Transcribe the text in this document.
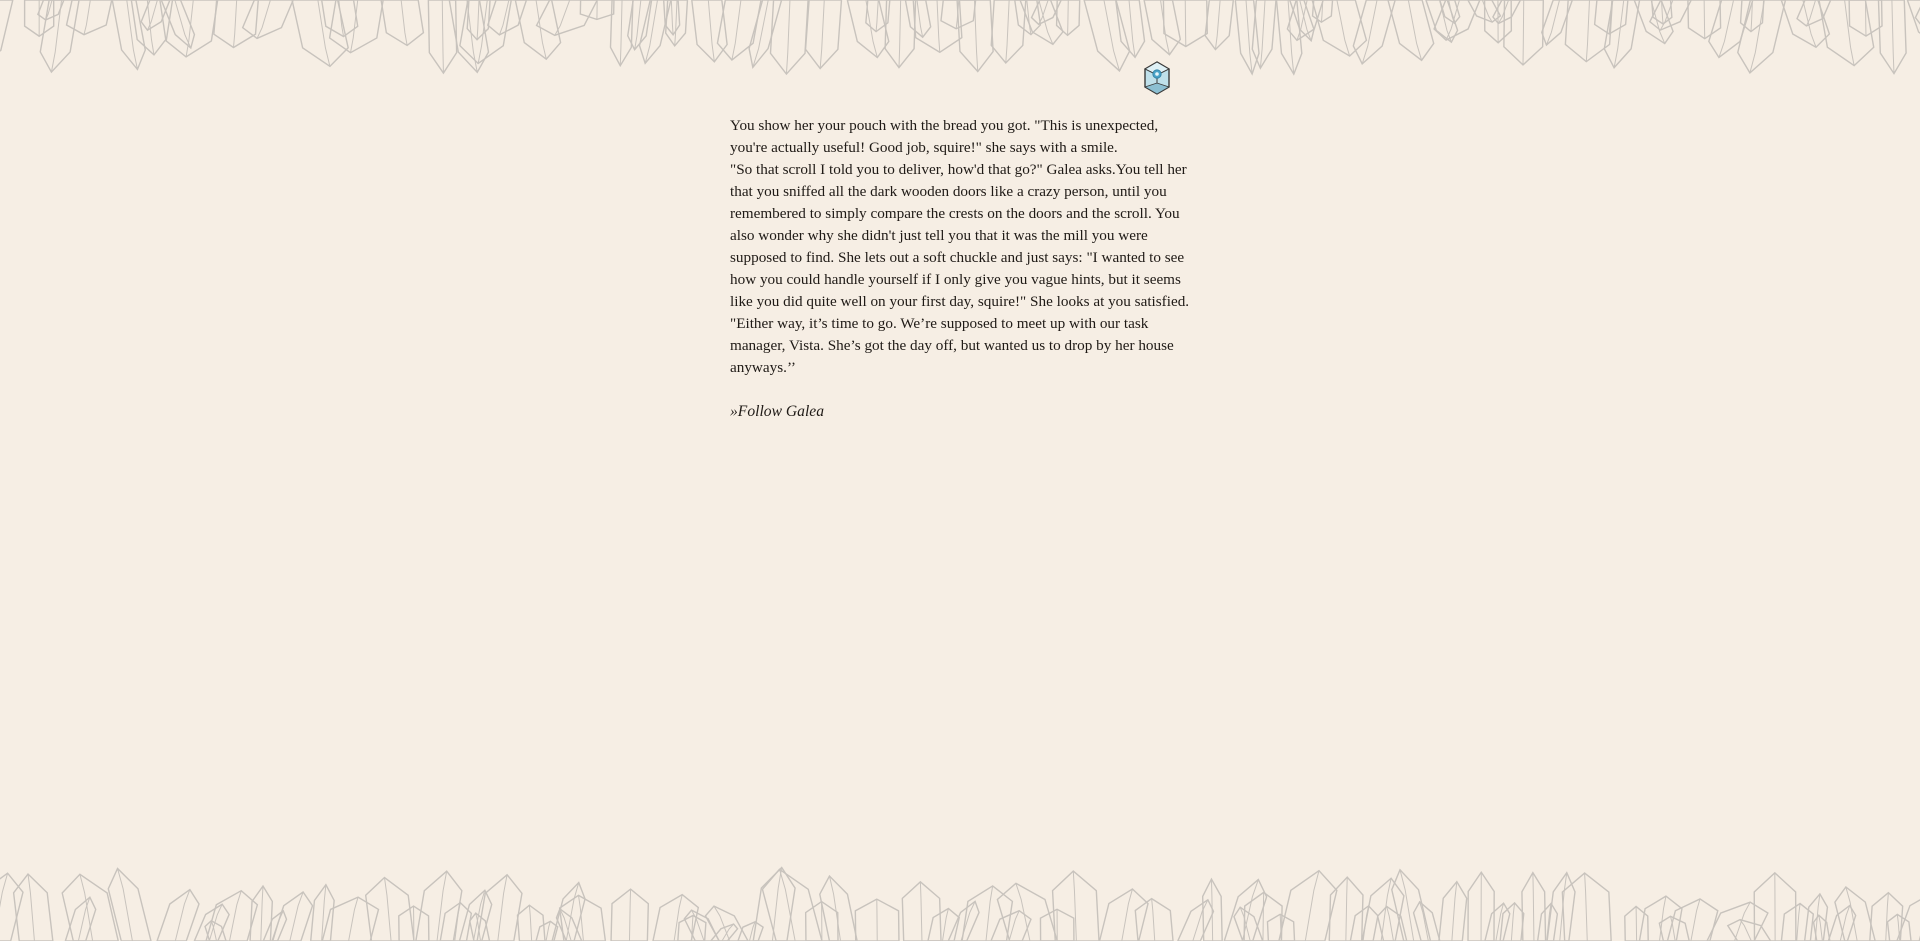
You show her your pouch with the bread you got. "This is unexpected, you're actually useful! Good job, squire!" she says with a smile.

"So that scroll I told you to deliver, how'd that go?" Galea asks.You tell her that you sniffed all the dark wooden doors like a crazy person, until you remembered to simply compare the crests on the doors and the scroll. You also wonder why she didn't just tell you that it was the mill you were supposed to find. She lets out a soft chuckle and just says: "I wanted to see how you could handle yourself if I only give you vague hints, but it seems like you did quite well on your first day, squire!" She looks at you satisfied. "Either way, it’s time to go. We’re supposed to meet up with our task manager, Vista. She’s got the day off, but wanted us to drop by her house anyways.’’

»Follow Galea
